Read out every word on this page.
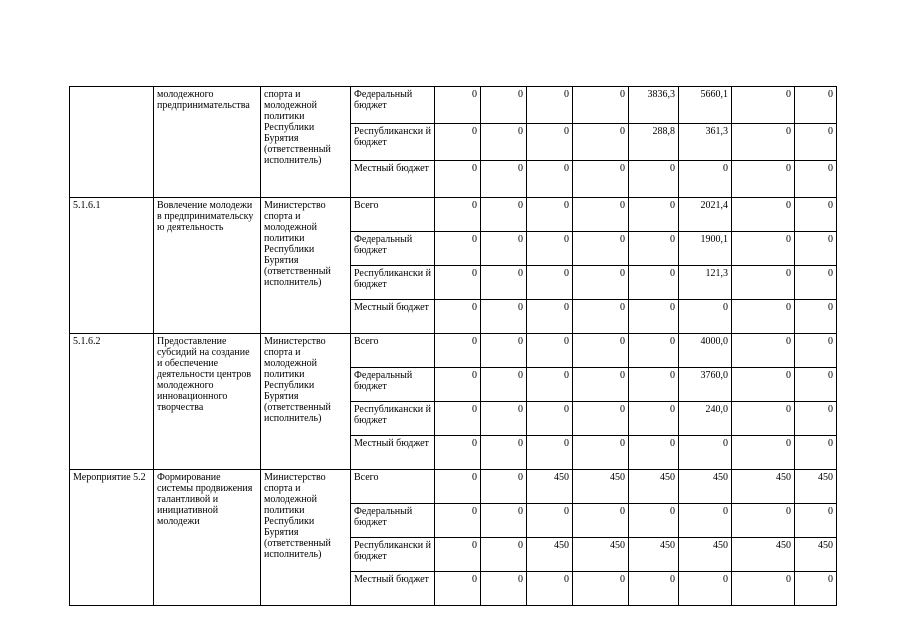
	молодежного предпринимательства	спорта и молодежной политики Республики Бурятия (ответственный исполнитель)	Федеральный бюджет	0	0	0	0	3836,3	5660,1	0	0
			Республикански й бюджет	0	0	0	0	288,8	361,3	0	0
			Местный бюджет	0	0	0	0	0	0	0	0
5.1.6.1	Вовлечение молодежи в предпринимательску ю деятельность	Министерство спорта и молодежной политики Республики Бурятия (ответственный исполнитель)	Всего	0	0	0	0	0	2021,4	0	0
			Федеральный бюджет	0	0	0	0	0	1900,1	0	0
			Республикански й бюджет	0	0	0	0	0	121,3	0	0
			Местный бюджет	0	0	0	0	0	0	0	0
5.1.6.2	Предоставление субсидий на создание и обеспечение деятельности центров молодежного инновационного творчества	Министерство спорта и молодежной политики Республики Бурятия (ответственный исполнитель)	Всего	0	0	0	0	0	4000,0	0	0
			Федеральный бюджет	0	0	0	0	0	3760,0	0	0
			Республикански й бюджет	0	0	0	0	0	240,0	0	0
			Местный бюджет	0	0	0	0	0	0	0	0
Мероприятие 5.2	Формирование системы продвижения талантливой и инициативной молодежи	Министерство спорта и молодежной политики Республики Бурятия (ответственный исполнитель)	Всего	0	0	450	450	450	450	450	450
			Федеральный бюджет	0	0	0	0	0	0	0	0
			Республикански й бюджет	0	0	450	450	450	450	450	450
			Местный бюджет	0	0	0	0	0	0	0	0
